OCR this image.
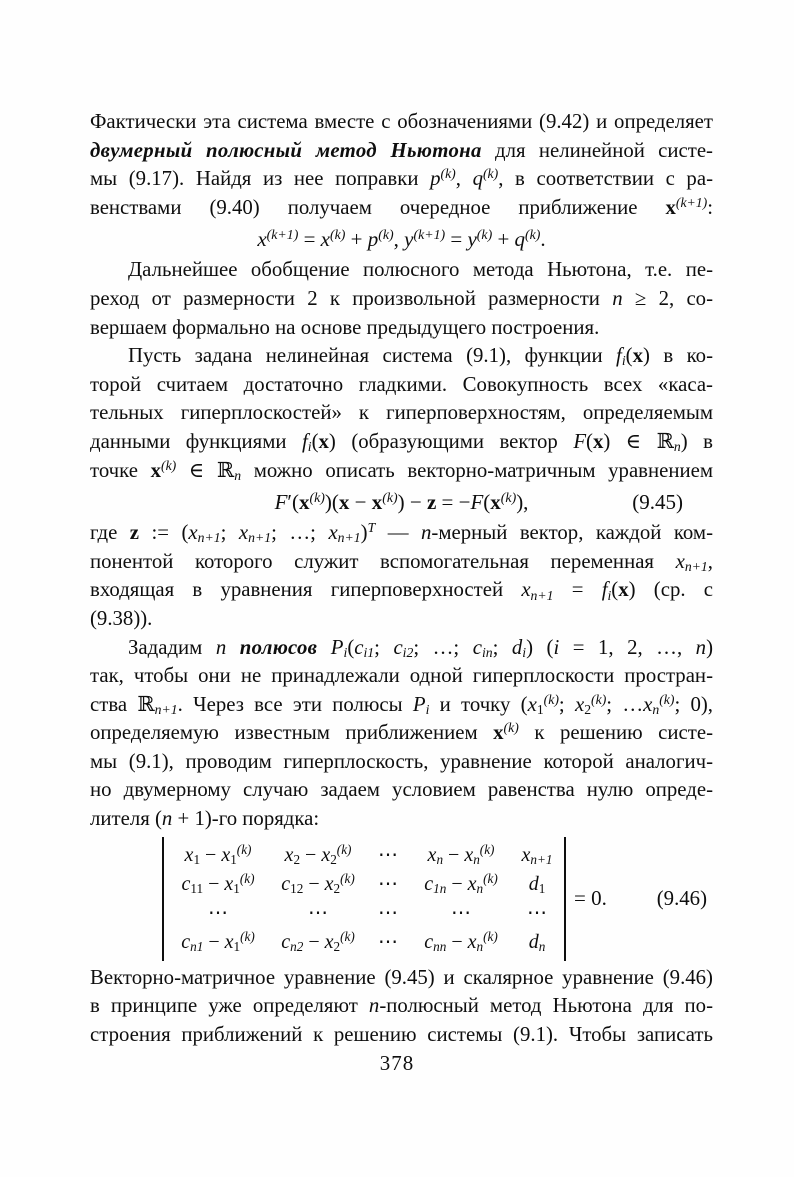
Фактически эта система вместе с обозначениями (9.42) и определяет
двумерный полюсный метод Ньютона для нелинейной систе-
мы (9.17). Найдя из нее поправки $p^{(k)}$, $q^{(k)}$, в соответствии с ра-
венствами (9.40) получаем очередное приближение $x^{(k+1)}$:
$x^{(k+1)} = x^{(k)} + p^{(k)}$, $y^{(k+1)} = y^{(k)} + q^{(k)}$.
Дальнейшее обобщение полюсного метода Ньютона, т.е. пе-
реход от размерности 2 к произвольной размерности n ≥ 2, со-
вершаем формально на основе предыдущего построения.
Пусть задана нелинейная система (9.1), функции fi(x) в ко-
торой считаем достаточно гладкими. Совокупность всех «каса-
тельных гиперплоскостей» к гиперповерхностям, определяемым
данными функциями fi(x) (образующими вектор F(x) ∈ ℝn) в
точке $x^{(k)}$ ∈ ℝn можно описать векторно-матричным уравнением
$F'(x^{(k)})(x - x^{(k)}) - z = -F(x^{(k)})$,	(9.45)
где z := (xn+1; xn+1; …; xn+1)$^T$ — n-мерный вектор, каждой ком-
понентой которого служит вспомогательная переменная xn+1,
входящая в уравнения гиперповерхностей xn+1 = fi(x) (ср. с
(9.38)).
Зададим n полюсов Pi(ci1; ci2; …; cin; di) (i = 1, 2, …, n)
так, чтобы они не принадлежали одной гиперплоскости простран-
ства ℝn+1. Через все эти полюсы Pi и точку (x1$^{(k)}$; x2$^{(k)}$; $\dots xn^{(k)}$; 0),
определяемую известным приближением $x^{(k)}$ к решению систе-
мы (9.1), проводим гиперплоскость, уравнение которой аналогич-
но двумерному случаю задаем условием равенства нулю опреде-
лителя (n + 1)-го порядка:
$x1 - x1^{(k)}$	$x2 - x2^{(k)}$	⋯	xn − $xn^{(k)}$	xn+1
$c11 - x1^{(k)}$	$c12 - x2^{(k)}$	⋯	$c1n - xn^{(k)}$	d1
⋯	⋯	⋯	⋯	⋯
$cn1 - x1^{(k)}$	$cn2 - x2^{(k)}$	⋯	cnn − $xn^{(k)}$	dn
= 0. (9.46)
Векторно-матричное уравнение (9.45) и скалярное уравнение (9.46)
в принципе уже определяют n-полюсный метод Ньютона для по-
строения приближений к решению системы (9.1). Чтобы записать
378
